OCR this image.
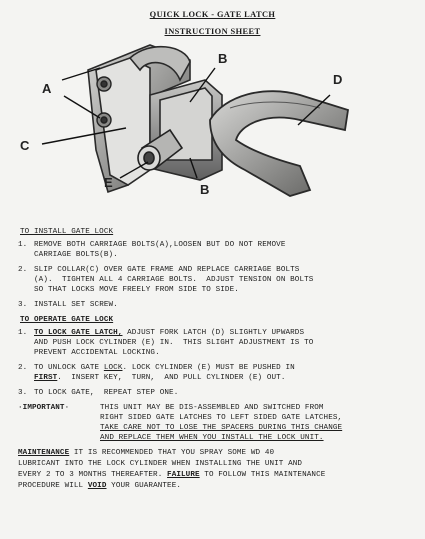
QUICK LOCK - GATE LATCH
INSTRUCTION SHEET
A
B
C
D
E	B
TO INSTALL GATE LOCK
1. REMOVE BOTH CARRIAGE BOLTS(A),LOOSEN BUT DO NOT REMOVE
CARRIAGE BOLTS(B).
2. SLIP COLLAR(C) OVER GATE FRAME AND REPLACE CARRIAGE BOLTS
(A).  TIGHTEN ALL 4 CARRIAGE BOLTS.  ADJUST TENSION ON BOLTS
SO THAT LOCKS MOVE FREELY FROM SIDE TO SIDE.
3. INSTALL SET SCREW.
TO OPERATE GATE LOCK
1. TO LOCK GATE LATCH, ADJUST FORK LATCH (D) SLIGHTLY UPWARDS
AND PUSH LOCK CYLINDER (E) IN.  THIS SLIGHT ADJUSTMENT IS TO
PREVENT ACCIDENTAL LOCKING.
2. TO UNLOCK GATE LOCK. LOCK CYLINDER (E) MUST BE PUSHED IN
FIRST.  INSERT KEY,  TURN,  AND PULL CYLINDER (E) OUT.
3. TO LOCK GATE,  REPEAT STEP ONE.
·IMPORTANT·	THIS UNIT MAY BE DIS-ASSEMBLED AND SWITCHED FROM
RIGHT SIDED GATE LATCHES TO LEFT SIDED GATE LATCHES,
TAKE CARE NOT TO LOSE THE SPACERS DURING THIS CHANGE
AND REPLACE THEM WHEN YOU INSTALL THE LOCK UNIT.
MAINTENANCE IT IS RECOMMENDED THAT YOU SPRAY SOME WD 40
LUBRICANT INTO THE LOCK CYLINDER WHEN INSTALLING THE UNIT AND
EVERY 2 TO 3 MONTHS THEREAFTER. FAILURE TO FOLLOW THIS MAINTENANCE
PROCEDURE WILL VOID YOUR GUARANTEE.
